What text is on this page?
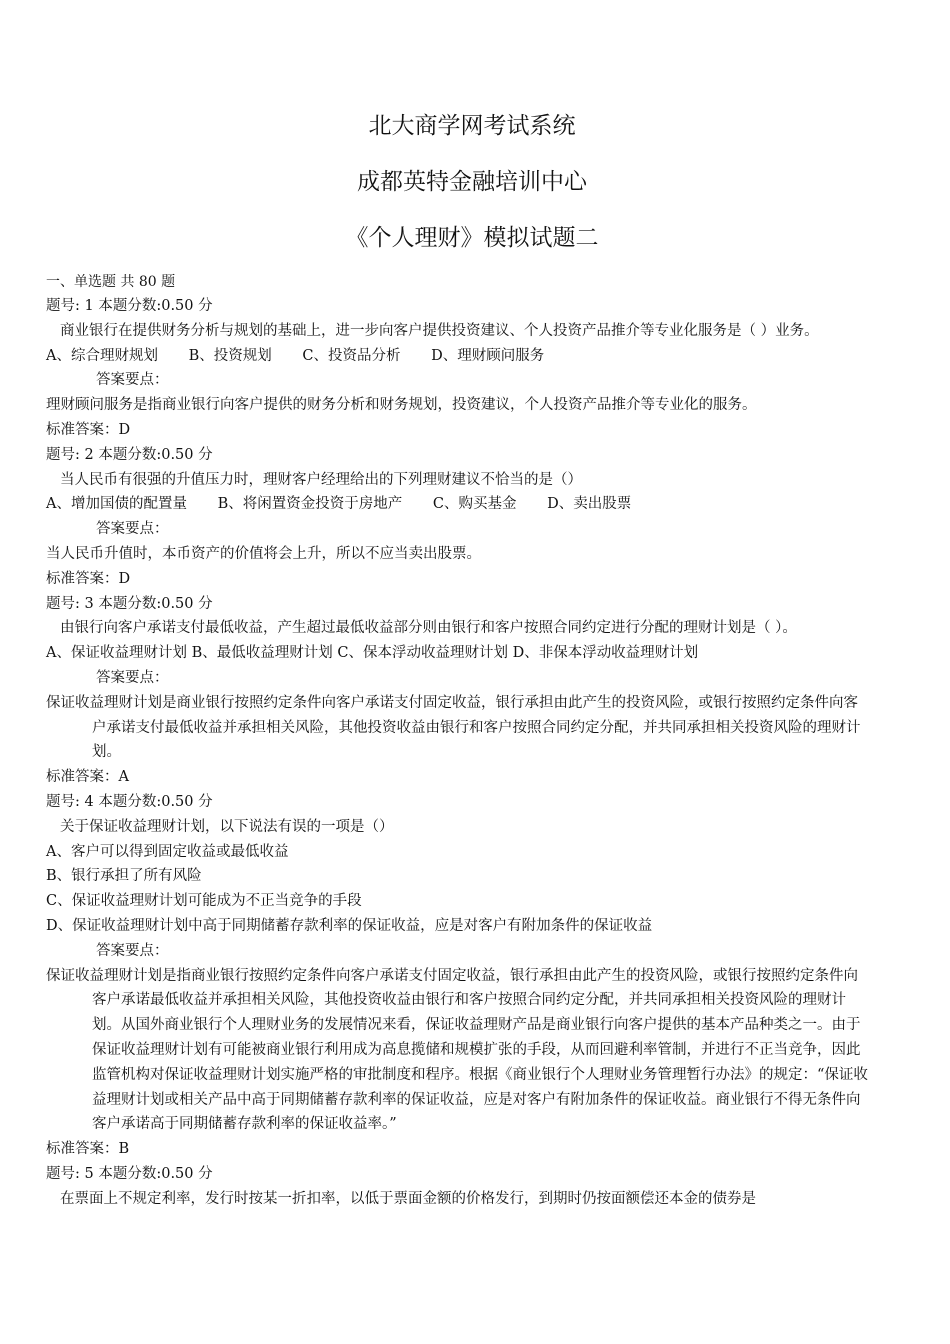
北大商学网考试系统

成都英特金融培训中心

《个人理财》模拟试题二

一、单选题 共 80 题

题号: 1 本题分数:0.50 分

商业银行在提供财务分析与规划的基础上，进一步向客户提供投资建议、个人投资产品推介等专业化服务是（ ）业务。

A、综合理财规划 B、投资规划 C、投资品分析 D、理财顾问服务

答案要点：

理财顾问服务是指商业银行向客户提供的财务分析和财务规划，投资建议，个人投资产品推介等专业化的服务。

标准答案：D

题号: 2 本题分数:0.50 分

当人民币有很强的升值压力时，理财客户经理给出的下列理财建议不恰当的是（）

A、增加国债的配置量 B、将闲置资金投资于房地产 C、购买基金 D、卖出股票

答案要点：

当人民币升值时，本币资产的价值将会上升，所以不应当卖出股票。

标准答案：D

题号: 3 本题分数:0.50 分

由银行向客户承诺支付最低收益，产生超过最低收益部分则由银行和客户按照合同约定进行分配的理财计划是（ ）。

A、保证收益理财计划 B、最低收益理财计划 C、保本浮动收益理财计划 D、非保本浮动收益理财计划

答案要点：

保证收益理财计划是商业银行按照约定条件向客户承诺支付固定收益，银行承担由此产生的投资风险，或银行按照约定条件向客户承诺支付最低收益并承担相关风险，其他投资收益由银行和客户按照合同约定分配，并共同承担相关投资风险的理财计划。

标准答案：A

题号: 4 本题分数:0.50 分

关于保证收益理财计划，以下说法有误的一项是（）

A、客户可以得到固定收益或最低收益

B、银行承担了所有风险

C、保证收益理财计划可能成为不正当竞争的手段

D、保证收益理财计划中高于同期储蓄存款利率的保证收益，应是对客户有附加条件的保证收益

答案要点：

保证收益理财计划是指商业银行按照约定条件向客户承诺支付固定收益，银行承担由此产生的投资风险，或银行按照约定条件向客户承诺最低收益并承担相关风险，其他投资收益由银行和客户按照合同约定分配，并共同承担相关投资风险的理财计划。从国外商业银行个人理财业务的发展情况来看，保证收益理财产品是商业银行向客户提供的基本产品种类之一。由于保证收益理财计划有可能被商业银行利用成为高息揽储和规模扩张的手段，从而回避利率管制，并进行不正当竞争，因此监管机构对保证收益理财计划实施严格的审批制度和程序。根据《商业银行个人理财业务管理暂行办法》的规定：“保证收益理财计划或相关产品中高于同期储蓄存款利率的保证收益，应是对客户有附加条件的保证收益。商业银行不得无条件向客户承诺高于同期储蓄存款利率的保证收益率。”

标准答案：B

题号: 5 本题分数:0.50 分

在票面上不规定利率，发行时按某一折扣率，以低于票面金额的价格发行，到期时仍按面额偿还本金的债券是
